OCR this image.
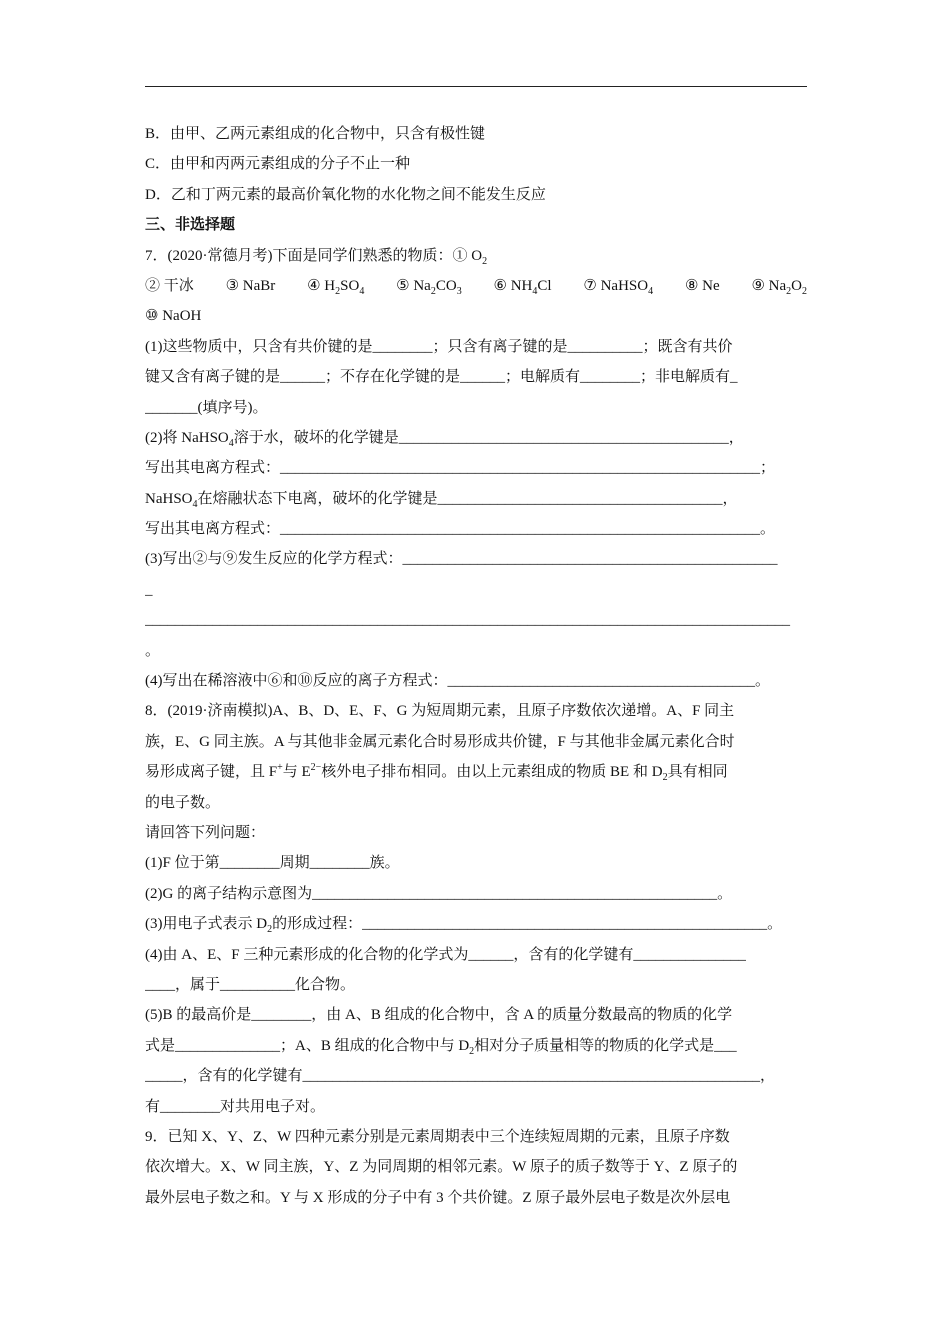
B．由甲、乙两元素组成的化合物中，只含有极性键
C．由甲和丙两元素组成的分子不止一种
D．乙和丁两元素的最高价氧化物的水化物之间不能发生反应
三、非选择题
7．(2020·常德月考)下面是同学们熟悉的物质：① $O_2$
② 干冰 ③ NaBr ④ $H_2SO_4$ ⑤ $Na_2CO_3$ ⑥ $NH_4Cl$ ⑦ NaHSO$_4$ ⑧ Ne ⑨ $Na_2O_2$
⑩ NaOH
(1)这些物质中，只含有共价键的是________；只含有离子键的是__________；既含有共价
键又含有离子键的是______；不存在化学键的是______；电解质有________；非电解质有_
_______(填序号)。
(2)将 NaHSO$_4$溶于水，破坏的化学键是____________________________________________，
写出其电离方程式：________________________________________________________________；
NaHSO$_4$在熔融状态下电离，破坏的化学键是______________________________________，
写出其电离方程式：________________________________________________________________。
(3)写出②与⑨发生反应的化学方程式：__________________________________________________
_
______________________________________________________________________________________
。
(4)写出在稀溶液中⑥和⑩反应的离子方程式：_________________________________________。
8．(2019·济南模拟)A、B、D、E、F、G 为短周期元素，且原子序数依次递增。A、F 同主
族，E、G 同主族。A 与其他非金属元素化合时易形成共价键，F 与其他非金属元素化合时
易形成离子键，且 F+与 $E^{2-}$核外电子排布相同。由以上元素组成的物质 BE 和 $D_2$具有相同
的电子数。
请回答下列问题：
(1)F 位于第________周期________族。
(2)G 的离子结构示意图为______________________________________________________。
(3)用电子式表示 $D_2$的形成过程：______________________________________________________。
(4)由 A、E、F 三种元素形成的化合物的化学式为______，含有的化学键有_______________
____，属于__________化合物。
(5)B 的最高价是________，由 A、B 组成的化合物中，含 A 的质量分数最高的物质的化学
式是______________；A、B 组成的化合物中与 $D_2$相对分子质量相等的物质的化学式是___
_____，含有的化学键有_____________________________________________________________，
有________对共用电子对。
9．已知 X、Y、Z、W 四种元素分别是元素周期表中三个连续短周期的元素，且原子序数
依次增大。X、W 同主族，Y、Z 为同周期的相邻元素。W 原子的质子数等于 Y、Z 原子的
最外层电子数之和。Y 与 X 形成的分子中有 3 个共价键。Z 原子最外层电子数是次外层电
